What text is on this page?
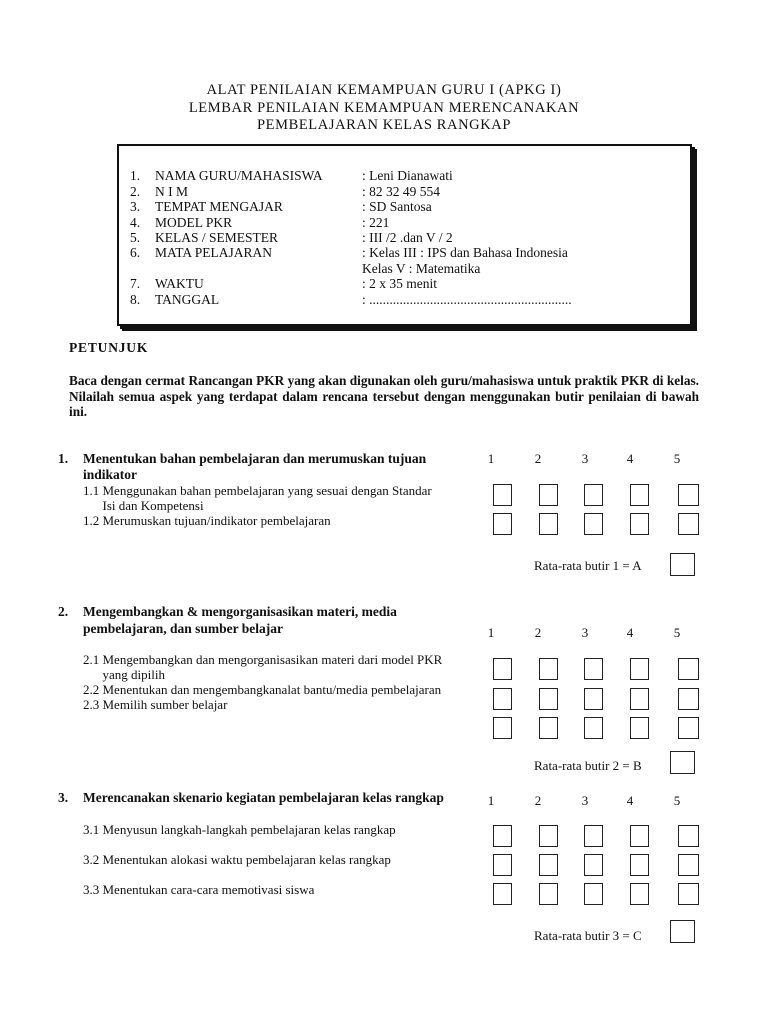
ALAT PENILAIAN KEMAMPUAN GURU I (APKG I)
LEMBAR PENILAIAN KEMAMPUAN MERENCANAKAN
PEMBELAJARAN KELAS RANGKAP
1. NAMA GURU/MAHASISWA	: Leni Dianawati
2. N I M	: 82 32 49 554
3. TEMPAT MENGAJAR	: SD Santosa
4. MODEL PKR	: 221
5. KELAS / SEMESTER	: III /2 .dan V / 2
6. MATA PELAJARAN	: Kelas III : IPS dan Bahasa Indonesia
Kelas V : Matematika
7. WAKTU	: 2 x 35 menit
8. TANGGAL	: ............................................................
PETUNJUK
Baca dengan cermat Rancangan PKR yang akan digunakan oleh guru/mahasiswa untuk praktik PKR di kelas. Nilailah semua aspek yang terdapat dalam rencana tersebut dengan menggunakan butir penilaian di bawah ini.
1. Menentukan bahan pembelajaran dan merumuskan tujuan
indikator
1	2	3	4	5
1.1 Menggunakan bahan pembelajaran yang sesuai dengan Standar
Isi dan Kompetensi
1.2 Merumuskan tujuan/indikator pembelajaran
Rata-rata butir 1 = A
2. Mengembangkan & mengorganisasikan materi, media
pembelajaran, dan sumber belajar	1	2	3	4	5
2.1 Mengembangkan dan mengorganisasikan materi dari model PKR
yang dipilih
2.2 Menentukan dan mengembangkanalat bantu/media pembelajaran
2.3 Memilih sumber belajar
Rata-rata butir 2 = B
3. Merencanakan skenario kegiatan pembelajaran kelas rangkap	1	2	3	4	5
3.1 Menyusun langkah-langkah pembelajaran kelas rangkap
3.2 Menentukan alokasi waktu pembelajaran kelas rangkap
3.3 Menentukan cara-cara memotivasi siswa
Rata-rata butir 3 = C
